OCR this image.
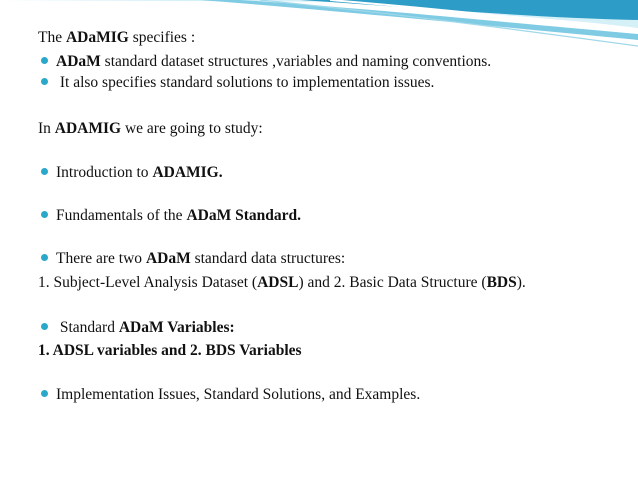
The ADaMIG specifies :
ADaM standard dataset structures ,variables and naming conventions.
It also specifies standard solutions to implementation issues.
In ADAMIG we are going to study:
Introduction to ADAMIG.
Fundamentals of the ADaM Standard.
There are two ADaM standard data structures:
1. Subject-Level Analysis Dataset (ADSL) and 2. Basic Data Structure (BDS).
Standard ADaM Variables:
1. ADSL variables and 2. BDS Variables
Implementation Issues, Standard Solutions, and Examples.
